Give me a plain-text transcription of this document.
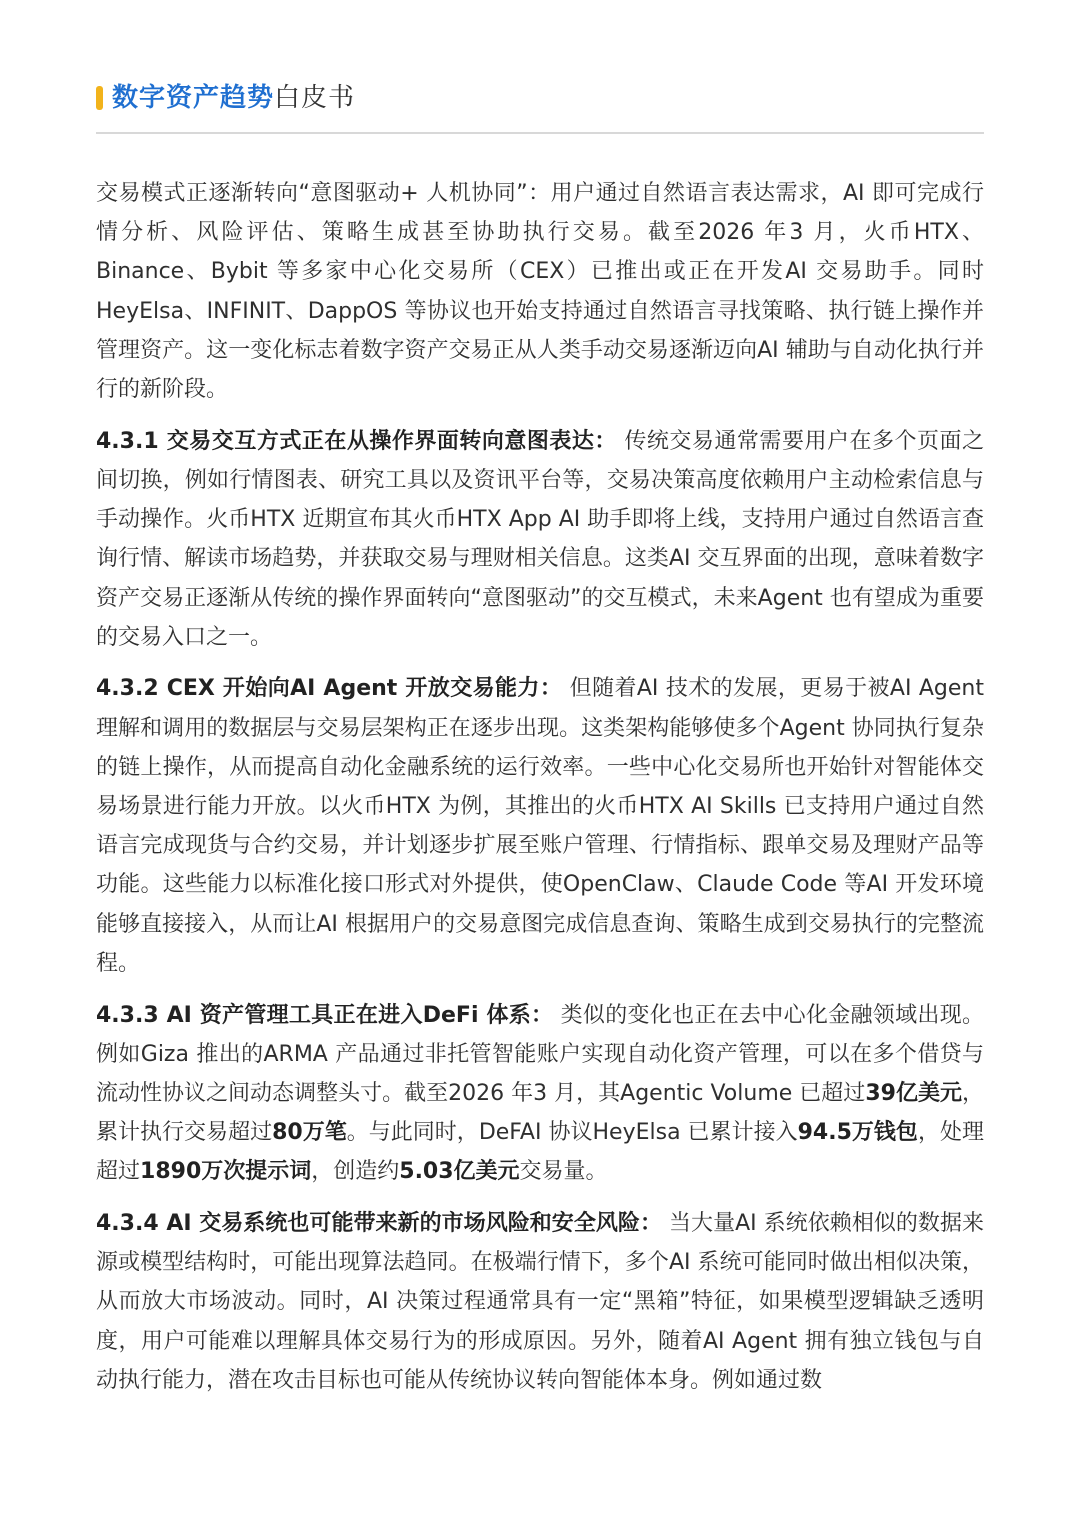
数字资产趋势白皮书

交易模式正逐渐转向“意图驱动+ 人机协同”：用户通过自然语言表达需求，AI 即可完成行情分析、风险评估、策略生成甚至协助执行交易。截至2026 年3 月，火币HTX、Binance、Bybit 等多家中心化交易所（CEX）已推出或正在开发AI 交易助手。同时HeyElsa、INFINIT、DappOS 等协议也开始支持通过自然语言寻找策略、执行链上操作并管理资产。这一变化标志着数字资产交易正从人类手动交易逐渐迈向AI 辅助与自动化执行并行的新阶段。

4.3.1 交易交互方式正在从操作界面转向意图表达： 传统交易通常需要用户在多个页面之间切换，例如行情图表、研究工具以及资讯平台等，交易决策高度依赖用户主动检索信息与手动操作。火币HTX 近期宣布其火币HTX App AI 助手即将上线，支持用户通过自然语言查询行情、解读市场趋势，并获取交易与理财相关信息。这类AI 交互界面的出现，意味着数字资产交易正逐渐从传统的操作界面转向“意图驱动”的交互模式，未来Agent 也有望成为重要的交易入口之一。

4.3.2 CEX 开始向AI Agent 开放交易能力： 但随着AI 技术的发展，更易于被AI Agent 理解和调用的数据层与交易层架构正在逐步出现。这类架构能够使多个Agent 协同执行复杂的链上操作，从而提高自动化金融系统的运行效率。一些中心化交易所也开始针对智能体交易场景进行能力开放。以火币HTX 为例，其推出的火币HTX AI Skills 已支持用户通过自然语言完成现货与合约交易，并计划逐步扩展至账户管理、行情指标、跟单交易及理财产品等功能。这些能力以标准化接口形式对外提供，使OpenClaw、Claude Code 等AI 开发环境能够直接接入，从而让AI 根据用户的交易意图完成信息查询、策略生成到交易执行的完整流程。

4.3.3 AI 资产管理工具正在进入DeFi 体系： 类似的变化也正在去中心化金融领域出现。例如Giza 推出的ARMA 产品通过非托管智能账户实现自动化资产管理，可以在多个借贷与流动性协议之间动态调整头寸。截至2026 年3 月，其Agentic Volume 已超过39亿美元，累计执行交易超过80万笔。与此同时，DeFAI 协议HeyElsa 已累计接入94.5万钱包，处理超过1890万次提示词，创造约5.03亿美元交易量。

4.3.4 AI 交易系统也可能带来新的市场风险和安全风险： 当大量AI 系统依赖相似的数据来源或模型结构时，可能出现算法趋同。在极端行情下，多个AI 系统可能同时做出相似决策，从而放大市场波动。同时，AI 决策过程通常具有一定“黑箱”特征，如果模型逻辑缺乏透明度，用户可能难以理解具体交易行为的形成原因。另外，随着AI Agent 拥有独立钱包与自动执行能力，潜在攻击目标也可能从传统协议转向智能体本身。例如通过数
